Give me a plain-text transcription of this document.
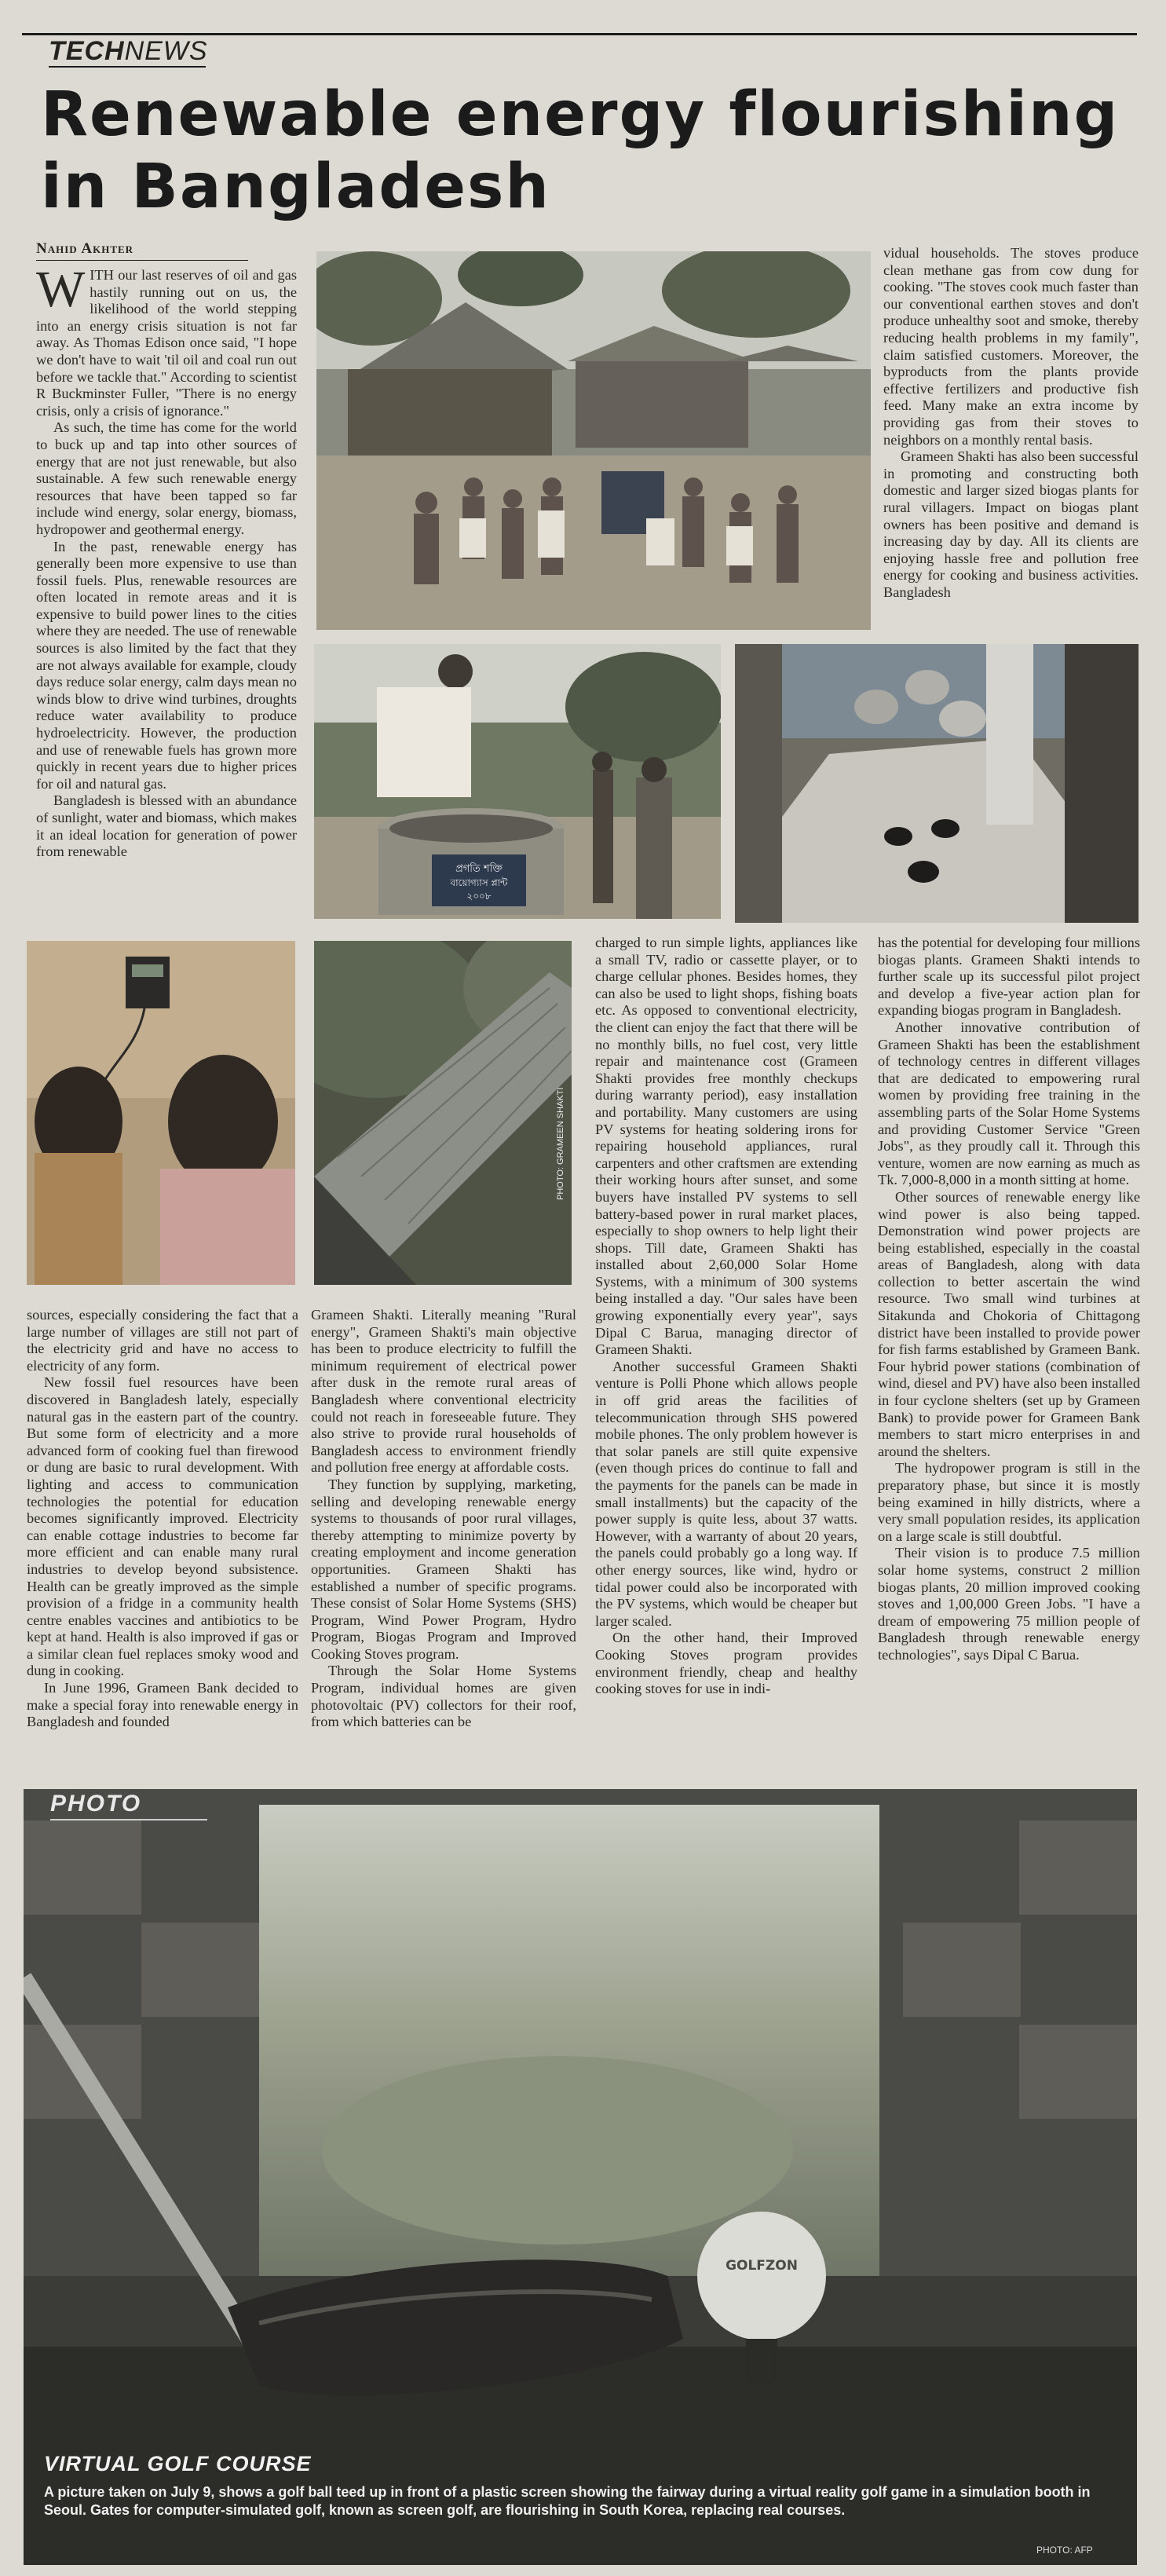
TECHNEWS
Renewable energy flourishing
in Bangladesh
Nahid Akhter
W ITH our last reserves of oil and gas hastily running out on us, the likelihood of the world stepping into an energy crisis situation is not far away. As Thomas Edison once said, "I hope we don't have to wait 'til oil and coal run out before we tackle that." According to scientist R Buckminster Fuller, "There is no energy crisis, only a crisis of ignorance."

As such, the time has come for the world to buck up and tap into other sources of energy that are not just renewable, but also sustainable. A few such renewable energy resources that have been tapped so far include wind energy, solar energy, biomass, hydropower and geothermal energy.

In the past, renewable energy has generally been more expensive to use than fossil fuels. Plus, renewable resources are often located in remote areas and it is expensive to build power lines to the cities where they are needed. The use of renewable sources is also limited by the fact that they are not always available for example, cloudy days reduce solar energy, calm days mean no winds blow to drive wind turbines, droughts reduce water availability to produce hydroelectricity. However, the production and use of renewable fuels has grown more quickly in recent years due to higher prices for oil and natural gas.

Bangladesh is blessed with an abundance of sunlight, water and biomass, which makes it an ideal location for generation of power from renewable

vidual households. The stoves produce clean methane gas from cow dung for cooking. "The stoves cook much faster than our conventional earthen stoves and don't produce unhealthy soot and smoke, thereby reducing health problems in my family", claim satisfied customers. Moreover, the byproducts from the plants provide effective fertilizers and productive fish feed. Many make an extra income by providing gas from their stoves to neighbors on a monthly rental basis.

Grameen Shakti has also been successful in promoting and constructing both domestic and larger sized biogas plants for rural villagers. Impact on biogas plant owners has been positive and demand is increasing day by day. All its clients are enjoying hassle free and pollution free energy for cooking and business activities. Bangladesh

প্রগতি শক্তি
বায়োগ্যাস প্লান্ট
২০০৮
PHOTO: GRAMEEN SHAKTI

sources, especially considering the fact that a large number of villages are still not part of the electricity grid and have no access to electricity of any form.

New fossil fuel resources have been discovered in Bangladesh lately, especially natural gas in the eastern part of the country. But some form of electricity and a more advanced form of cooking fuel than firewood or dung are basic to rural development. With lighting and access to communication technologies the potential for education becomes significantly improved. Electricity can enable cottage industries to become far more efficient and can enable many rural industries to develop beyond subsistence. Health can be greatly improved as the simple provision of a fridge in a community health centre enables vaccines and antibiotics to be kept at hand. Health is also improved if gas or a similar clean fuel replaces smoky wood and dung in cooking.

In June 1996, Grameen Bank decided to make a special foray into renewable energy in Bangladesh and founded

Grameen Shakti. Literally meaning "Rural energy", Grameen Shakti's main objective has been to produce electricity to fulfill the minimum requirement of electrical power after dusk in the remote rural areas of Bangladesh where conventional electricity could not reach in foreseeable future. They also strive to provide rural households of Bangladesh access to environment friendly and pollution free energy at affordable costs.

They function by supplying, marketing, selling and developing renewable energy systems to thousands of poor rural villages, thereby attempting to minimize poverty by creating employment and income generation opportunities. Grameen Shakti has established a number of specific programs. These consist of Solar Home Systems (SHS) Program, Wind Power Program, Hydro Program, Biogas Program and Improved Cooking Stoves program.

Through the Solar Home Systems Program, individual homes are given photovoltaic (PV) collectors for their roof, from which batteries can be

charged to run simple lights, appliances like a small TV, radio or cassette player, or to charge cellular phones. Besides homes, they can also be used to light shops, fishing boats etc. As opposed to conventional electricity, the client can enjoy the fact that there will be no monthly bills, no fuel cost, very little repair and maintenance cost (Grameen Shakti provides free monthly checkups during warranty period), easy installation and portability. Many customers are using PV systems for heating soldering irons for repairing household appliances, rural carpenters and other craftsmen are extending their working hours after sunset, and some buyers have installed PV systems to sell battery-based power in rural market places, especially to shop owners to help light their shops. Till date, Grameen Shakti has installed about 2,60,000 Solar Home Systems, with a minimum of 300 systems being installed a day. "Our sales have been growing exponentially every year", says Dipal C Barua, managing director of Grameen Shakti.

Another successful Grameen Shakti venture is Polli Phone which allows people in off grid areas the facilities of telecommunication through SHS powered mobile phones. The only problem however is that solar panels are still quite expensive (even though prices do continue to fall and the payments for the panels can be made in small installments) but the capacity of the power supply is quite less, about 37 watts. However, with a warranty of about 20 years, the panels could probably go a long way. If other energy sources, like wind, hydro or tidal power could also be incorporated with the PV systems, which would be cheaper but larger scaled.

On the other hand, their Improved Cooking Stoves program provides environment friendly, cheap and healthy cooking stoves for use in indi-

has the potential for developing four millions biogas plants. Grameen Shakti intends to further scale up its successful pilot project and develop a five-year action plan for expanding biogas program in Bangladesh.

Another innovative contribution of Grameen Shakti has been the establishment of technology centres in different villages that are dedicated to empowering rural women by providing free training in the assembling parts of the Solar Home Systems and providing Customer Service "Green Jobs", as they proudly call it. Through this venture, women are now earning as much as Tk. 7,000-8,000 in a month sitting at home.

Other sources of renewable energy like wind power is also being tapped. Demonstration wind power projects are being established, especially in the coastal areas of Bangladesh, along with data collection to better ascertain the wind resource. Two small wind turbines at Sitakunda and Chokoria of Chittagong district have been installed to provide power for fish farms established by Grameen Bank. Four hybrid power stations (combination of wind, diesel and PV) have also been installed in four cyclone shelters (set up by Grameen Bank) to provide power for Grameen Bank members to start micro enterprises in and around the shelters.

The hydropower program is still in the preparatory phase, but since it is mostly being examined in hilly districts, where a very small population resides, its application on a large scale is still doubtful.

Their vision is to produce 7.5 million solar home systems, construct 2 million biogas plants, 20 million improved cooking stoves and 1,00,000 Green Jobs. "I have a dream of empowering 75 million people of Bangladesh through renewable energy technologies", says Dipal C Barua.

GOLFZON
PHOTO
VIRTUAL GOLF COURSE
A picture taken on July 9, shows a golf ball teed up in front of a plastic screen showing the fairway during a virtual reality golf game in a simulation booth in Seoul. Gates for computer-simulated golf, known as screen golf, are flourishing in South Korea, replacing real courses.
PHOTO: AFP
